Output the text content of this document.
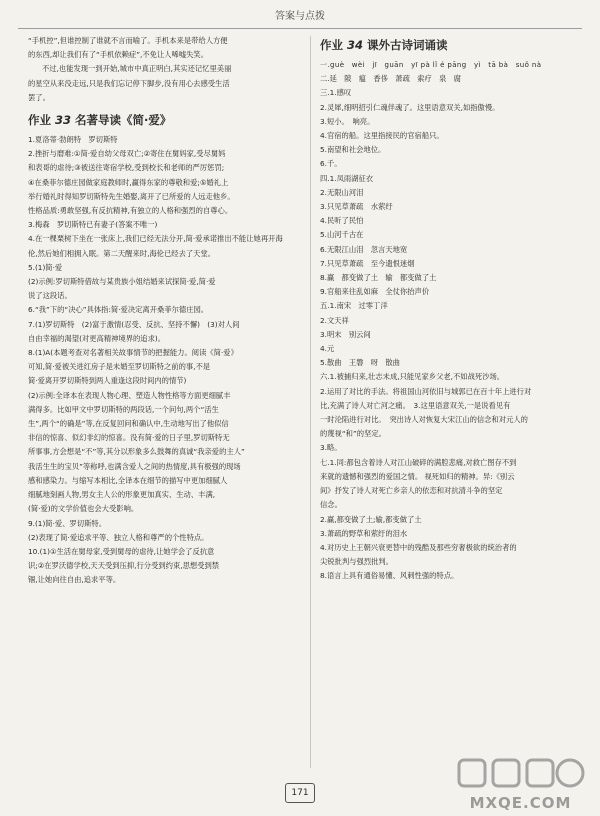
答案与点拨
“手机控”,但谁控制了谁就不言而喻了。手机本来是带给人方便
的东西,却让我们有了“手机依赖症”,不免让人唏嘘失笑。
不过,也能发现一到开始,城市中真正明白,其实还记忆里美丽
的星空从来没走远,只是我们忘记停下脚步,没有用心去感受生活
罢了。
作业 33 名著导读《简·爱》
1.夏洛蒂·勃朗特　罗切斯特
2.挫折与磨难:①简·爱自幼父母双亡;②寄住在舅妈家,受尽舅妈
和表哥的虐待;③被送往寄宿学校,受到校长和老师的严厉惩罚;
④在桑菲尔德庄园做家庭教师时,赢得东家的尊敬和爱;⑤婚礼上
举行婚礼时得知罗切斯特先生婚娶,离开了已所爱的人远走他乡。
性格品质:勇敢坚强,有反抗精神,有独立的人格和强烈的自尊心。
3.梅森　罗切斯特已有妻子(答案不唯一)
4.在一棵栗树下坐在一张床上,我们已经无法分开,简·爱承诺推出不能让她再开海
伦,然后她们相拥入眠。第二天醒来时,海伦已经去了天堂。
5.(1)简·爱
(2)示例:罗切斯特借故与某贵族小姐结婚来试探简·爱,简·爱
说了这段话。
6.“我”下的“决心”具体指:简·爱决定离开桑菲尔德庄园。
7.(1)罗切斯特　(2)富于激情(忍受、反抗、坚持不懈)　(3)对人间
自由幸福的渴望(对更高精神境界的追求)。
8.(1)A(本题考查对名著相关故事情节的把握能力。阅读《简·爱》
可知,简·爱被关进红房子是未婚至罗切斯特之前的事,不是
简·爱离开罗切斯特到两人重逢这段时间内的情节)
(2)示例:全译本在表现人物心理、塑造人物性格等方面更细腻丰
满得多。比如甲文中罗切斯特的两段话,一个问句,两个“活生
生”,两个“的确是”等,在反复回问和确认中,生动地写出了他似信
非信的惊喜、似幻非幻的惊喜。没有简·爱的日子里,罗切斯特无
所事事,方会想是“不”等,其分以形象多么鼓舞的真诚“我亲爱的主人”
我活生生的宝贝”等称呼,也满含爱人之间的热情度,具有极强的现场
感和感染力。与缩写本相比,全译本在细节的描写中更加细腻人
细腻地刻画人物,男女主人公的形象更加真实、生动、丰满,
(简·爱)的文学价值也会大受影响。
9.(1)简·爱、罗切斯特。
(2)表现了简·爱追求平等、独立人格和尊严的个性特点。
10.(1)①生活在舅母家,受到舅母的虐待,让她学会了反抗意
识;②在罗沃德学校,天天受到压抑,行分受到约束,思想受到禁
锢,让她向往自由,追求平等。
作业 34 课外古诗词诵读
一.guè　wèi　jī　guān　yī pà lǐ é pāng　yì　tā bà　suǒ nà
二.延　陂　瘟　香侈　萧疏　索疗　泉　腐
三.1.感叹
2.灵犀,细明招引仁魂伴魂了。这里语意双关,如指傲慢。
3.短小。　响亮。
4.官宿的船。这里指接民的官宿船只。
5.南望和社会地位。
6.千。
四.1.凤雨湖征衣
2.无限山河泪
3.只见草萧疏　水萦纡
4.民听了民怕
5.山河千古在
6.无限江山泪　忽言天地宽
7.只见草萧疏　至今遗恨迷烟
8.赢　都变做了土　输　都变做了土
9.官船来往乱如麻　全仗你抬声价
五.1.南宋　过零丁洋
2.文天祥
3.明末　别云间
4.元
5.散曲　王磐　呀　散曲
六.1.被捕归来,壮志未成,只能见家乡父老,不如战死沙场。
2.运用了对比的手法。将祖国山河依旧与城郭已在百十年上进行对
比,充满了诗人对亡河之痛。　3.这里语意双关,一是说看见有
一时沦陷进行对比。　突出诗人对恢复大宋江山的信念和对元人的
的蔑视“和”的坚定。
3.略。
七.1.同:都包含着诗人对江山破碎的满腔悲痛,对救亡图存不到
来就的遗憾和强烈的爱国之情。 视死如归的精神。异:《别云
间》抒发了诗人对死亡乡亲人的依恋和对抗清斗争的坚定
信念。
2.赢,都变做了土;输,都变做了土
3.萧疏的野草和萦纡的泪水
4.对历史上王朝兴衰更替中的残酷及那些穷奢极欲的统治者的
尖锐批判与强烈批判。
8.语言上具有通俗易懂、风刺性强的特点。
171
MXQE.COM
